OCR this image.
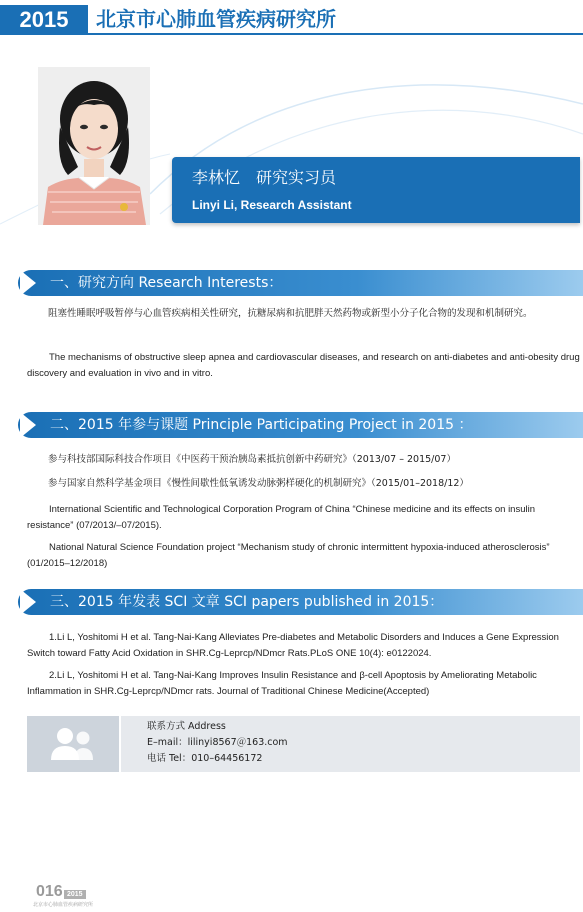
2015	北京市心肺血管疾病研究所
李林忆　研究实习员
Linyi Li, Research Assistant
一、研究方向 Research Interests：
阻塞性睡眠呼吸暂停与心血管疾病相关性研究，抗糖尿病和抗肥胖天然药物或新型小分子化合物的发现和机制研究。
The mechanisms of obstructive sleep apnea and cardiovascular diseases, and research on anti-diabetes and anti-obesity drug discovery and evaluation in vivo and in vitro.
二、2015 年参与课题 Principle Participating Project in 2015 ：
参与科技部国际科技合作项目《中医药干预治胰岛素抵抗创新中药研究》（2013/07 – 2015/07）
参与国家自然科学基金项目《慢性间歇性低氧诱发动脉粥样硬化的机制研究》（2015/01–2018/12）
International Scientific and Technological Corporation Program of China “Chinese medicine and its effects on insulin resistance” (07/2013/–07/2015).
National Natural Science Foundation project “Mechanism study of chronic intermittent hypoxia-induced atherosclerosis” (01/2015–12/2018)
三、2015 年发表 SCI 文章 SCI papers published in 2015：
1.Li L, Yoshitomi H et al. Tang-Nai-Kang Alleviates Pre-diabetes and Metabolic Disorders and Induces a Gene Expression Switch toward Fatty Acid Oxidation in SHR.Cg-Leprcp/NDmcr Rats.PLoS ONE 10(4): e0122024.
2.Li L, Yoshitomi H et al. Tang-Nai-Kang Improves Insulin Resistance and β-cell Apoptosis by Ameliorating Metabolic Inflammation in SHR.Cg-Leprcp/NDmcr rats. Journal of Traditional Chinese Medicine(Accepted)
联系方式 Address
E–mail：lilinyi8567＠163.com
电话 Tel：010–64456172
016 2015
北京市心肺血管疾病研究所
